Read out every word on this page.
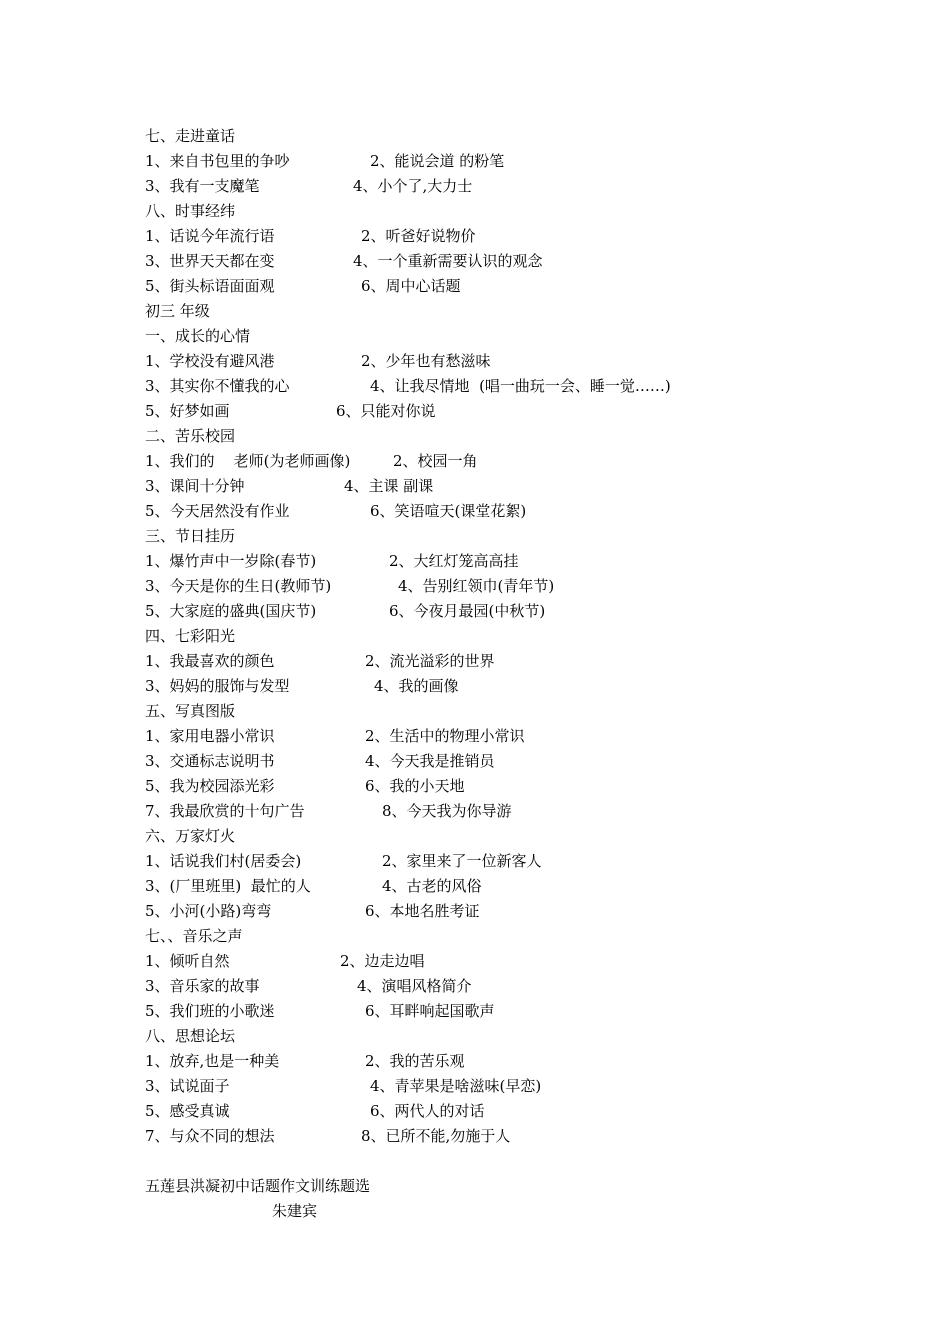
七、走进童话
1、来自书包里的争吵	2、能说会道 的粉笔
3、我有一支魔笔	4、小个了,大力士
八、时事经纬
1、话说今年流行语	2、听爸好说物价
3、世界天天都在变	4、一个重新需要认识的观念
5、街头标语面面观	6、周中心话题
初三 年级
一、成长的心情
1、学校没有避风港	2、少年也有愁滋味
3、其实你不懂我的心	4、让我尽情地  (唱一曲玩一会、睡一觉……)
5、好梦如画	6、只能对你说
二、苦乐校园
1、我们的    老师(为老师画像)	2、校园一角
3、课间十分钟	4、主课 副课
5、今天居然没有作业	6、笑语喧天(课堂花絮)
三、节日挂历
1、爆竹声中一岁除(春节)	2、大红灯笼高高挂
3、今天是你的生日(教师节)	4、告别红领巾(青年节)
5、大家庭的盛典(国庆节)	6、今夜月最园(中秋节)
四、七彩阳光
1、我最喜欢的颜色	2、流光溢彩的世界
3、妈妈的服饰与发型	4、我的画像
五、写真图版
1、家用电器小常识	2、生活中的物理小常识
3、交通标志说明书	4、今天我是推销员
5、我为校园添光彩	6、我的小天地
7、我最欣赏的十句广告	8、今天我为你导游
六、万家灯火
1、话说我们村(居委会)	2、家里来了一位新客人
3、(厂里班里)  最忙的人	4、古老的风俗
5、小河(小路)弯弯	6、本地名胜考证
七、、音乐之声
1、倾听自然	2、边走边唱
3、音乐家的故事	4、演唱风格简介
5、我们班的小歌迷	6、耳畔响起国歌声
八、思想论坛
1、放弃,也是一种美	2、我的苦乐观
3、试说面子	4、青苹果是啥滋味(早恋)
5、感受真诚	6、两代人的对话
7、与众不同的想法	8、已所不能,勿施于人
五莲县洪凝初中话题作文训练题选
朱建宾
